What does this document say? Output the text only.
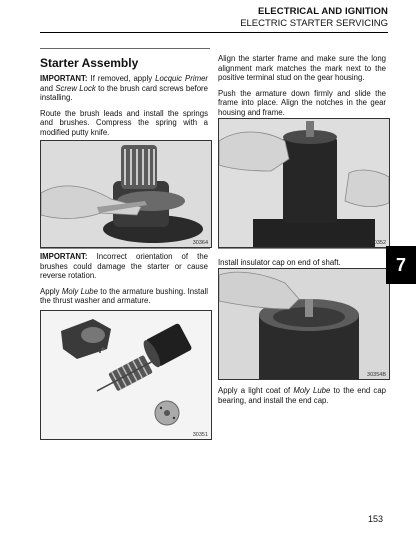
ELECTRICAL AND IGNITION
ELECTRIC STARTER SERVICING
Starter Assembly

IMPORTANT: If removed, apply Locquic Primer and Screw Lock to the brush card screws before installing.

Route the brush leads and install the springs and brushes. Compress the spring with a modified putty knife.

30364

IMPORTANT: Incorrect orientation of the brushes could damage the starter or cause reverse rotation.

Apply Moly Lube to the armature bushing. Install the thrust washer and armature.

30351

Align the starter frame and make sure the long alignment mark matches the mark next to the positive terminal stud on the gear housing.

Push the armature down firmly and slide the frame into place. Align the notches in the gear housing and frame.

30352

Install insulator cap on end of shaft.

30354B

Apply a light coat of Moly Lube to the end cap bearing, and install the end cap.

7
153
